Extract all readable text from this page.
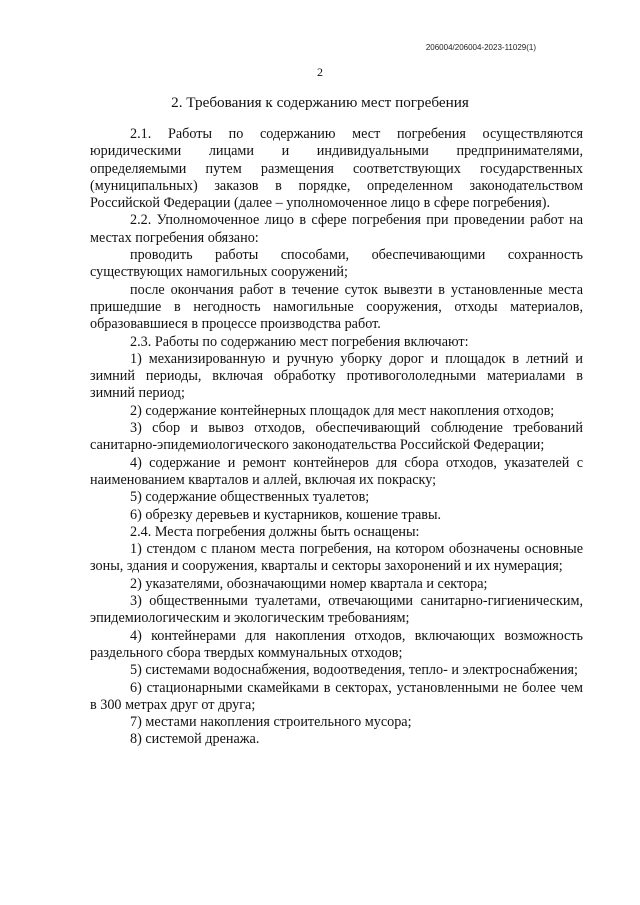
206004/206004-2023-11029(1)
2
2. Требования к содержанию мест погребения

2.1. Работы по содержанию мест погребения осуществляются юридическими лицами и индивидуальными предпринимателями, определяемыми путем размещения соответствующих государственных (муниципальных) заказов в порядке, определенном законодательством Российской Федерации (далее – уполномоченное лицо в сфере погребения).

2.2. Уполномоченное лицо в сфере погребения при проведении работ на местах погребения обязано:

проводить работы способами, обеспечивающими сохранность существующих намогильных сооружений;

после окончания работ в течение суток вывезти в установленные места пришедшие в негодность намогильные сооружения, отходы материалов, образовавшиеся в процессе производства работ.

2.3. Работы по содержанию мест погребения включают:

1) механизированную и ручную уборку дорог и площадок в летний и зимний периоды, включая обработку противогололедными материалами в зимний период;

2) содержание контейнерных площадок для мест накопления отходов;

3) сбор и вывоз отходов, обеспечивающий соблюдение требований санитарно-эпидемиологического законодательства Российской Федерации;

4) содержание и ремонт контейнеров для сбора отходов, указателей с наименованием кварталов и аллей, включая их покраску;

5) содержание общественных туалетов;

6) обрезку деревьев и кустарников, кошение травы.

2.4. Места погребения должны быть оснащены:

1) стендом с планом места погребения, на котором обозначены основные зоны, здания и сооружения, кварталы и секторы захоронений и их нумерация;

2) указателями, обозначающими номер квартала и сектора;

3) общественными туалетами, отвечающими санитарно-гигиеническим, эпидемиологическим и экологическим требованиям;

4) контейнерами для накопления отходов, включающих возможность раздельного сбора твердых коммунальных отходов;

5) системами водоснабжения, водоотведения, тепло- и электроснабжения;

6) стационарными скамейками в секторах, установленными не более чем в 300 метрах друг от друга;

7) местами накопления строительного мусора;

8) системой дренажа.
